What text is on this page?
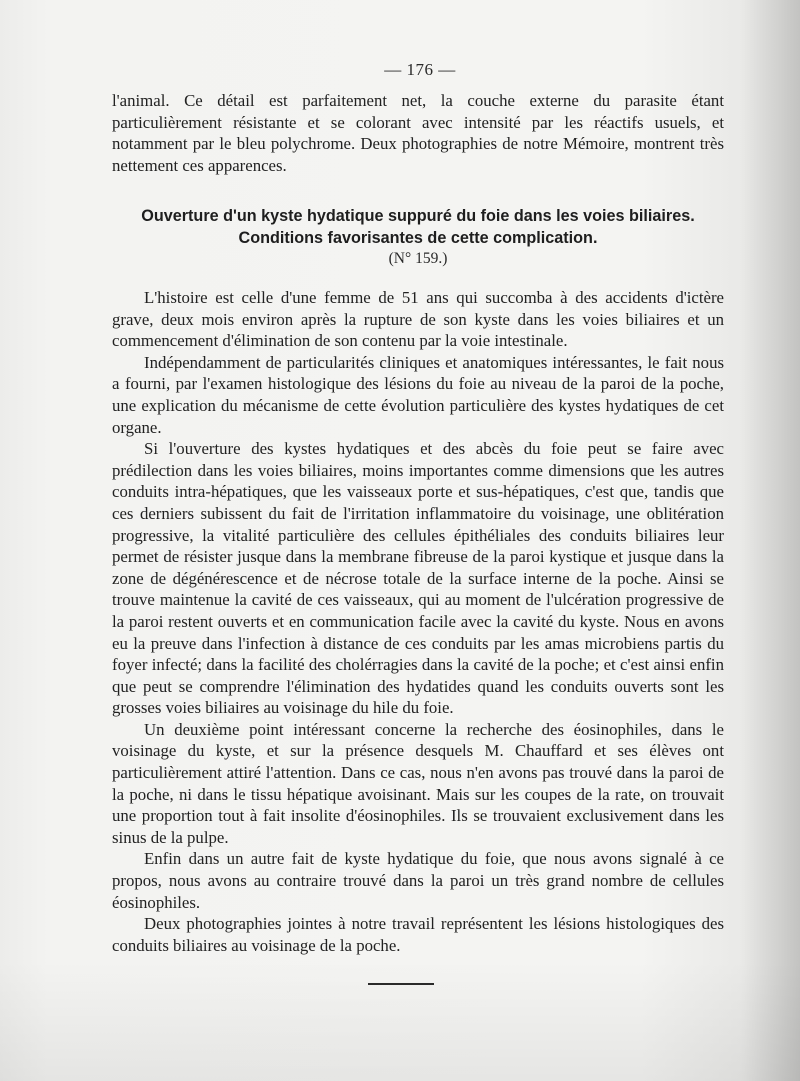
— 176 —

l'animal. Ce détail est parfaitement net, la couche externe du parasite étant particulièrement résistante et se colorant avec intensité par les réactifs usuels, et notamment par le bleu polychrome. Deux photographies de notre Mémoire, montrent très nettement ces apparences.

Ouverture d'un kyste hydatique suppuré du foie dans les voies biliaires. Conditions favorisantes de cette complication.
(N° 159.)

L'histoire est celle d'une femme de 51 ans qui succomba à des accidents d'ictère grave, deux mois environ après la rupture de son kyste dans les voies biliaires et un commencement d'élimination de son contenu par la voie intestinale.

Indépendamment de particularités cliniques et anatomiques intéressantes, le fait nous a fourni, par l'examen histologique des lésions du foie au niveau de la paroi de la poche, une explication du mécanisme de cette évolution particulière des kystes hydatiques de cet organe.

Si l'ouverture des kystes hydatiques et des abcès du foie peut se faire avec prédilection dans les voies biliaires, moins importantes comme dimensions que les autres conduits intra-hépatiques, que les vaisseaux porte et sus-hépatiques, c'est que, tandis que ces derniers subissent du fait de l'irritation inflammatoire du voisinage, une oblitération progressive, la vitalité particulière des cellules épithéliales des conduits biliaires leur permet de résister jusque dans la membrane fibreuse de la paroi kystique et jusque dans la zone de dégénérescence et de nécrose totale de la surface interne de la poche. Ainsi se trouve maintenue la cavité de ces vaisseaux, qui au moment de l'ulcération progressive de la paroi restent ouverts et en communication facile avec la cavité du kyste. Nous en avons eu la preuve dans l'infection à distance de ces conduits par les amas microbiens partis du foyer infecté; dans la facilité des cholérragies dans la cavité de la poche; et c'est ainsi enfin que peut se comprendre l'élimination des hydatides quand les conduits ouverts sont les grosses voies biliaires au voisinage du hile du foie.

Un deuxième point intéressant concerne la recherche des éosinophiles, dans le voisinage du kyste, et sur la présence desquels M. Chauffard et ses élèves ont particulièrement attiré l'attention. Dans ce cas, nous n'en avons pas trouvé dans la paroi de la poche, ni dans le tissu hépatique avoisinant. Mais sur les coupes de la rate, on trouvait une proportion tout à fait insolite d'éosinophiles. Ils se trouvaient exclusivement dans les sinus de la pulpe.

Enfin dans un autre fait de kyste hydatique du foie, que nous avons signalé à ce propos, nous avons au contraire trouvé dans la paroi un très grand nombre de cellules éosinophiles.

Deux photographies jointes à notre travail représentent les lésions histologiques des conduits biliaires au voisinage de la poche.
